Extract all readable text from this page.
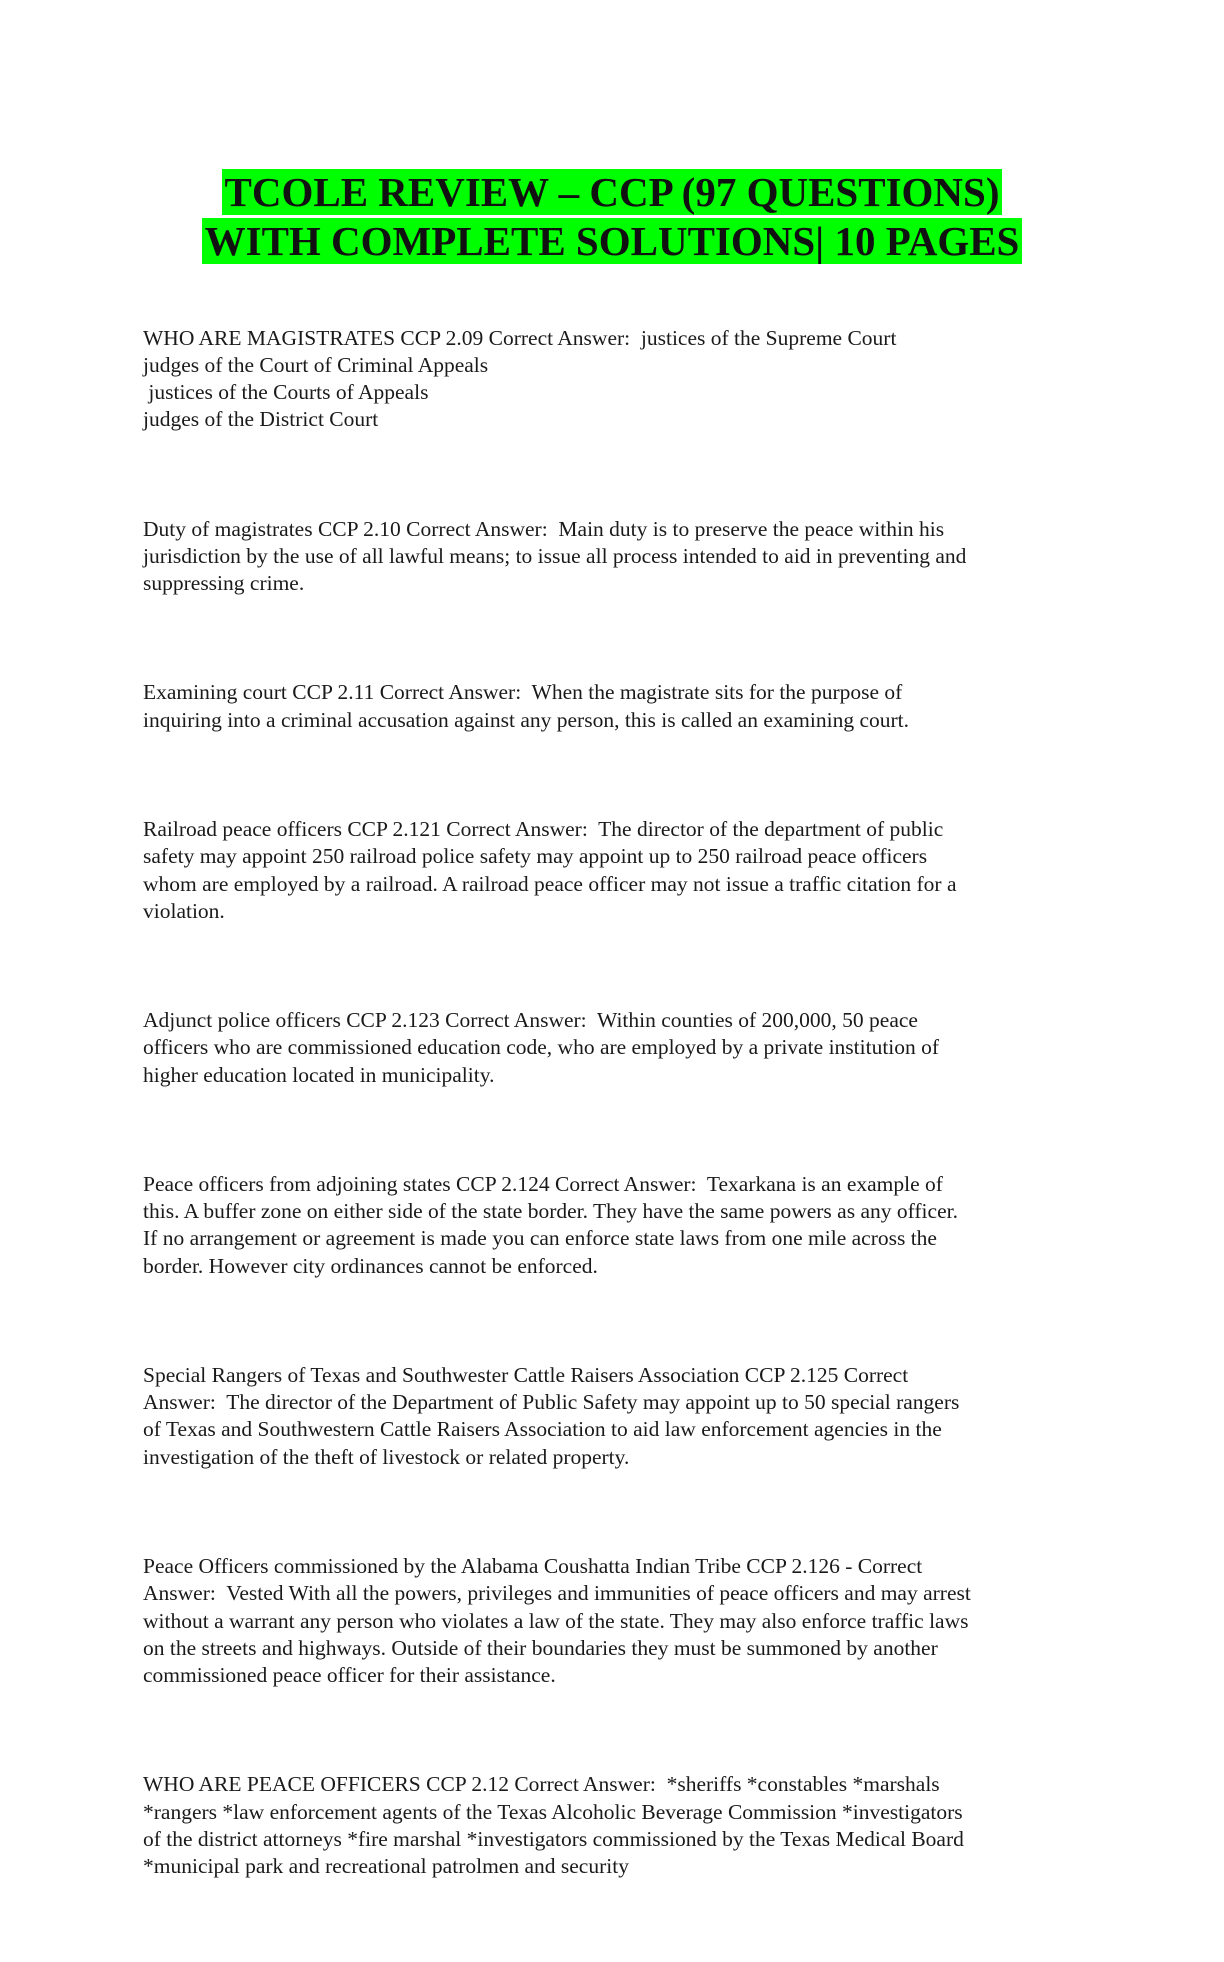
TCOLE REVIEW – CCP (97 QUESTIONS)
WITH COMPLETE SOLUTIONS| 10 PAGES

WHO ARE MAGISTRATES CCP 2.09 Correct Answer:  justices of the Supreme Court
judges of the Court of Criminal Appeals
justices of the Courts of Appeals
judges of the District Court

Duty of magistrates CCP 2.10 Correct Answer:  Main duty is to preserve the peace within his
jurisdiction by the use of all lawful means; to issue all process intended to aid in preventing and
suppressing crime.

Examining court CCP 2.11 Correct Answer:  When the magistrate sits for the purpose of
inquiring into a criminal accusation against any person, this is called an examining court.

Railroad peace officers CCP 2.121 Correct Answer:  The director of the department of public
safety may appoint 250 railroad police safety may appoint up to 250 railroad peace officers
whom are employed by a railroad. A railroad peace officer may not issue a traffic citation for a
violation.

Adjunct police officers CCP 2.123 Correct Answer:  Within counties of 200,000, 50 peace
officers who are commissioned education code, who are employed by a private institution of
higher education located in municipality.

Peace officers from adjoining states CCP 2.124 Correct Answer:  Texarkana is an example of
this. A buffer zone on either side of the state border. They have the same powers as any officer.
If no arrangement or agreement is made you can enforce state laws from one mile across the
border. However city ordinances cannot be enforced.

Special Rangers of Texas and Southwester Cattle Raisers Association CCP 2.125 Correct
Answer:  The director of the Department of Public Safety may appoint up to 50 special rangers
of Texas and Southwestern Cattle Raisers Association to aid law enforcement agencies in the
investigation of the theft of livestock or related property.

Peace Officers commissioned by the Alabama Coushatta Indian Tribe CCP 2.126 - Correct
Answer:  Vested With all the powers, privileges and immunities of peace officers and may arrest
without a warrant any person who violates a law of the state. They may also enforce traffic laws
on the streets and highways. Outside of their boundaries they must be summoned by another
commissioned peace officer for their assistance.

WHO ARE PEACE OFFICERS CCP 2.12 Correct Answer:  *sheriffs *constables *marshals
*rangers *law enforcement agents of the Texas Alcoholic Beverage Commission *investigators
of the district attorneys *fire marshal *investigators commissioned by the Texas Medical Board
*municipal park and recreational patrolmen and security
